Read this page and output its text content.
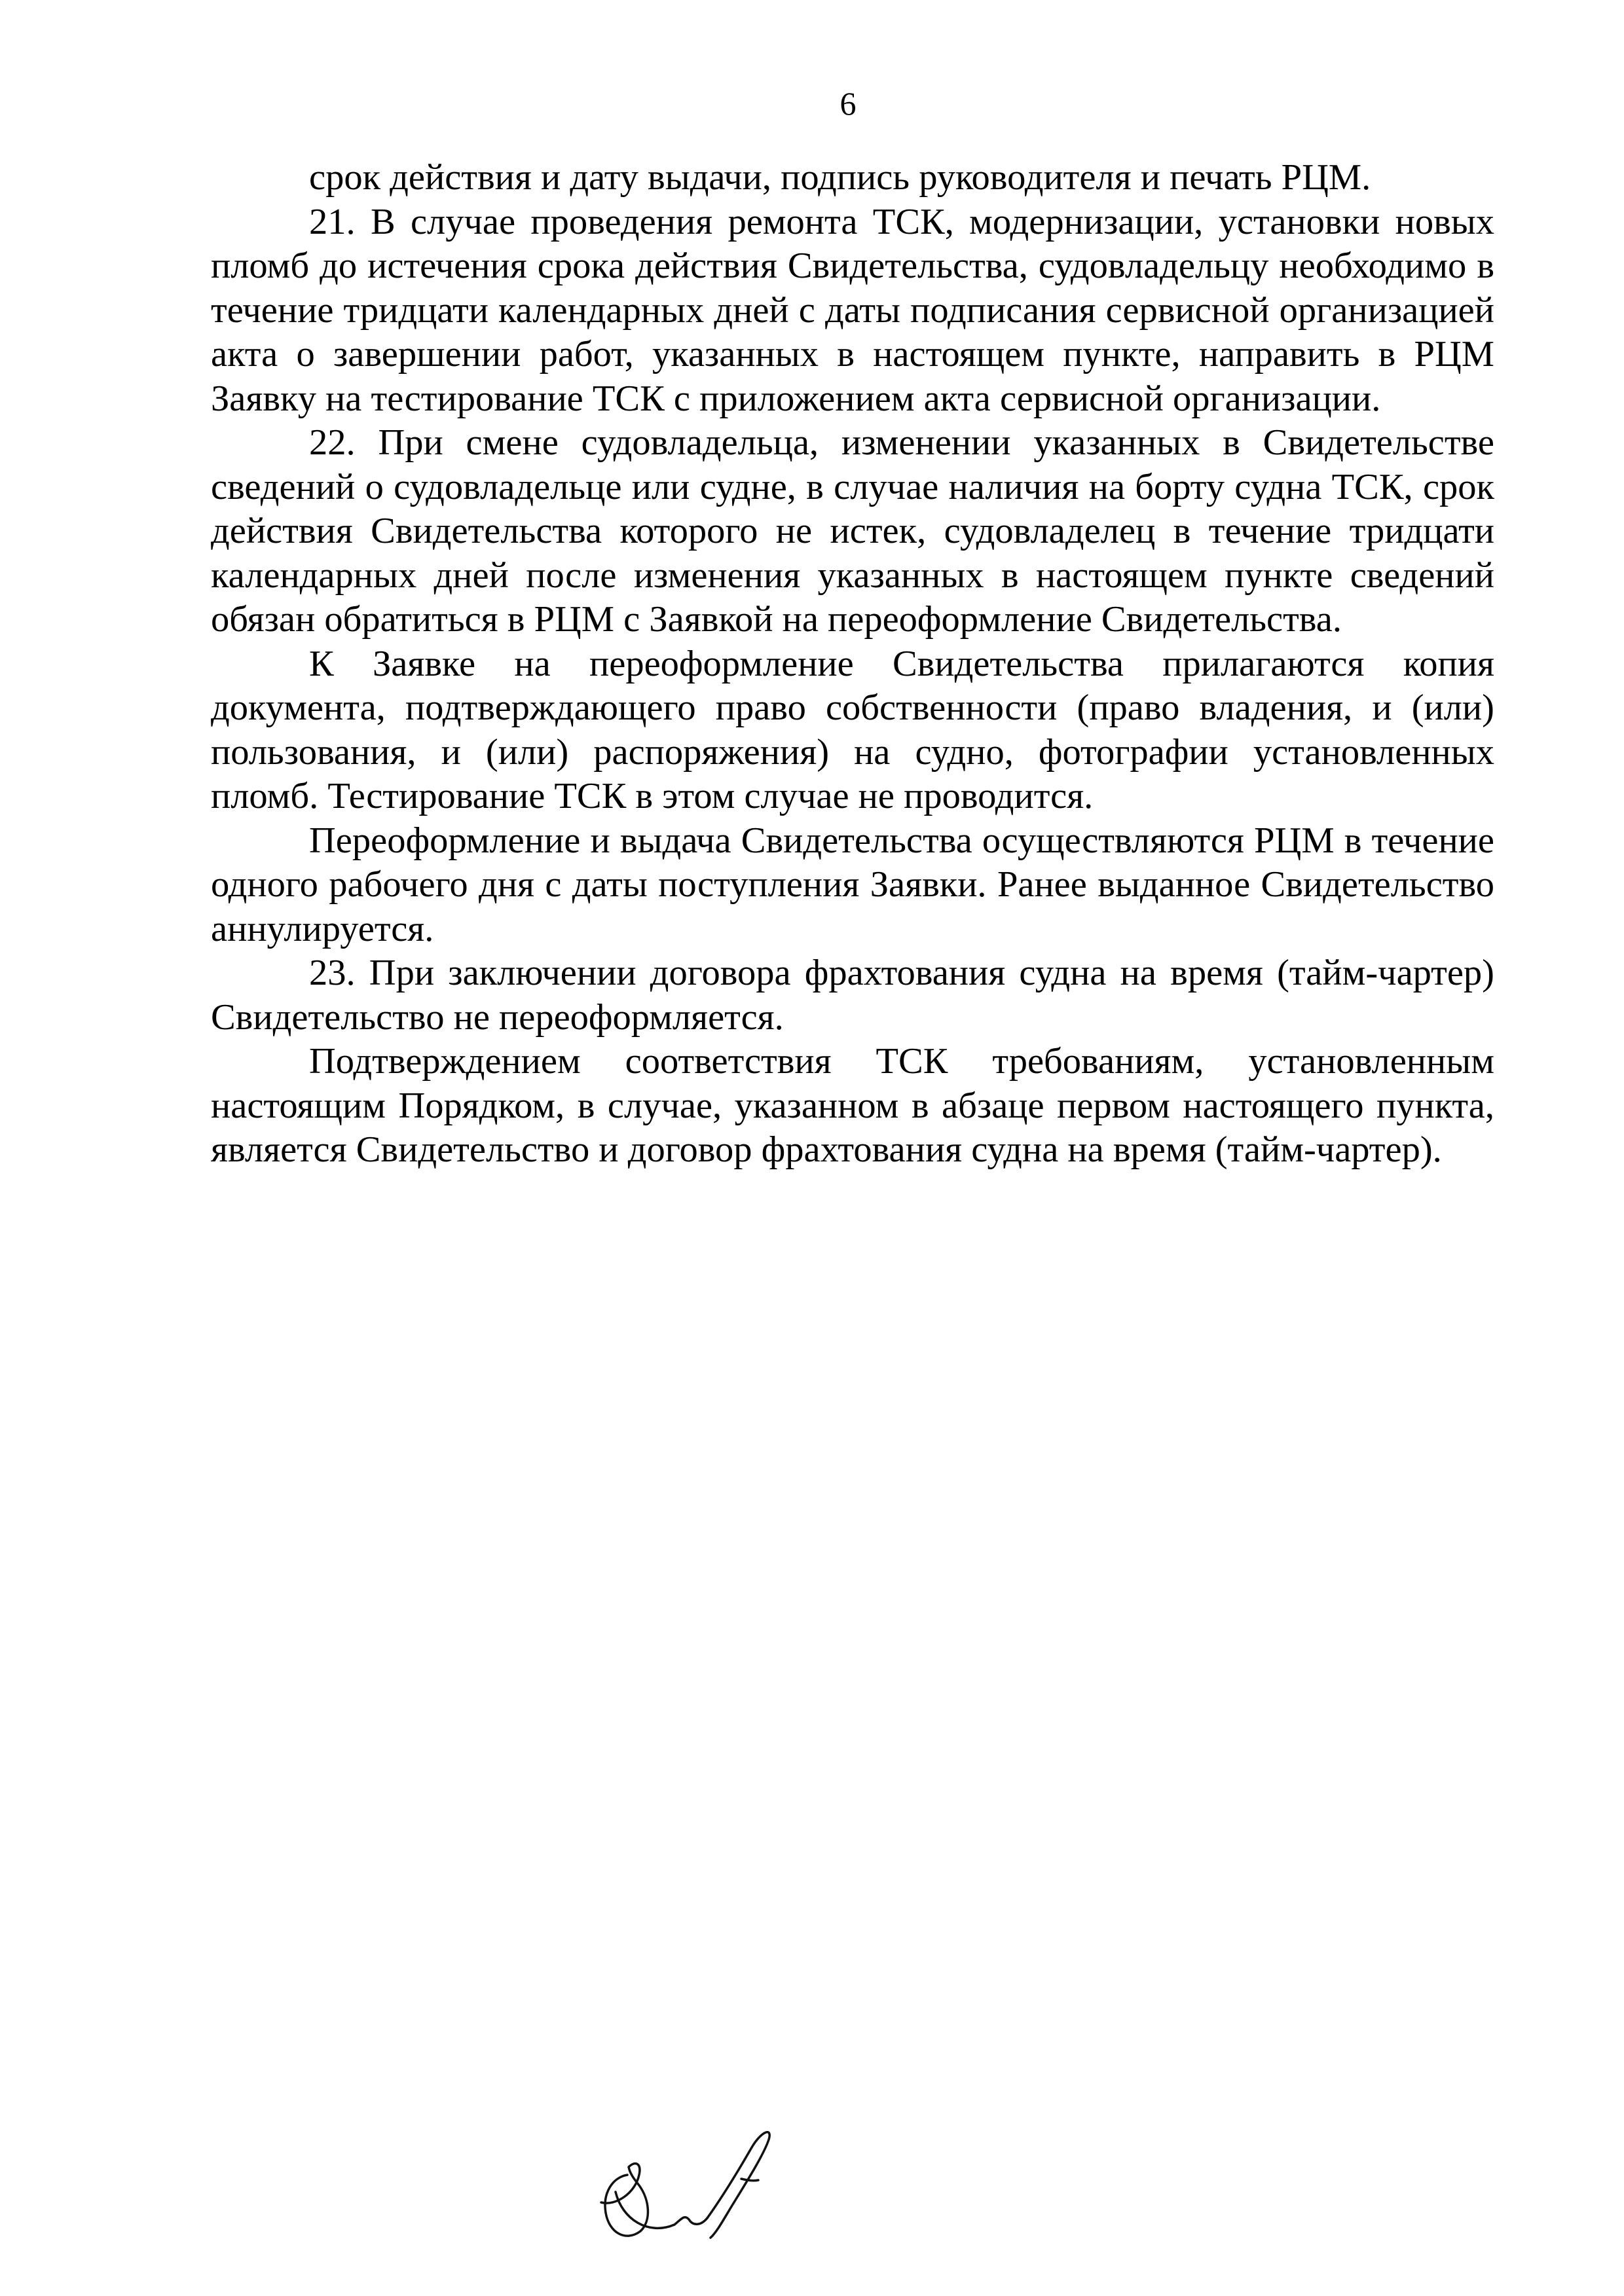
6

срок действия и дату выдачи, подпись руководителя и печать РЦМ.

21. В случае проведения ремонта ТСК, модернизации, установки новых пломб до истечения срока действия Свидетельства, судовладельцу необходимо в течение тридцати календарных дней с даты подписания сервисной организацией акта о завершении работ, указанных в настоящем пункте, направить в РЦМ Заявку на тестирование ТСК с приложением акта сервисной организации.

22. При смене судовладельца, изменении указанных в Свидетельстве сведений о судовладельце или судне, в случае наличия на борту судна ТСК, срок действия Свидетельства которого не истек, судовладелец в течение тридцати календарных дней после изменения указанных в настоящем пункте сведений обязан обратиться в РЦМ с Заявкой на переоформление Свидетельства.

К Заявке на переоформление Свидетельства прилагаются копия документа, подтверждающего право собственности (право владения, и (или) пользования, и (или) распоряжения) на судно, фотографии установленных пломб. Тестирование ТСК в этом случае не проводится.

Переоформление и выдача Свидетельства осуществляются РЦМ в течение одного рабочего дня с даты поступления Заявки. Ранее выданное Свидетельство аннулируется.

23. При заключении договора фрахтования судна на время (тайм-чартер) Свидетельство не переоформляется.

Подтверждением соответствия ТСК требованиям, установленным настоящим Порядком, в случае, указанном в абзаце первом настоящего пункта, является Свидетельство и договор фрахтования судна на время (тайм-чартер).
